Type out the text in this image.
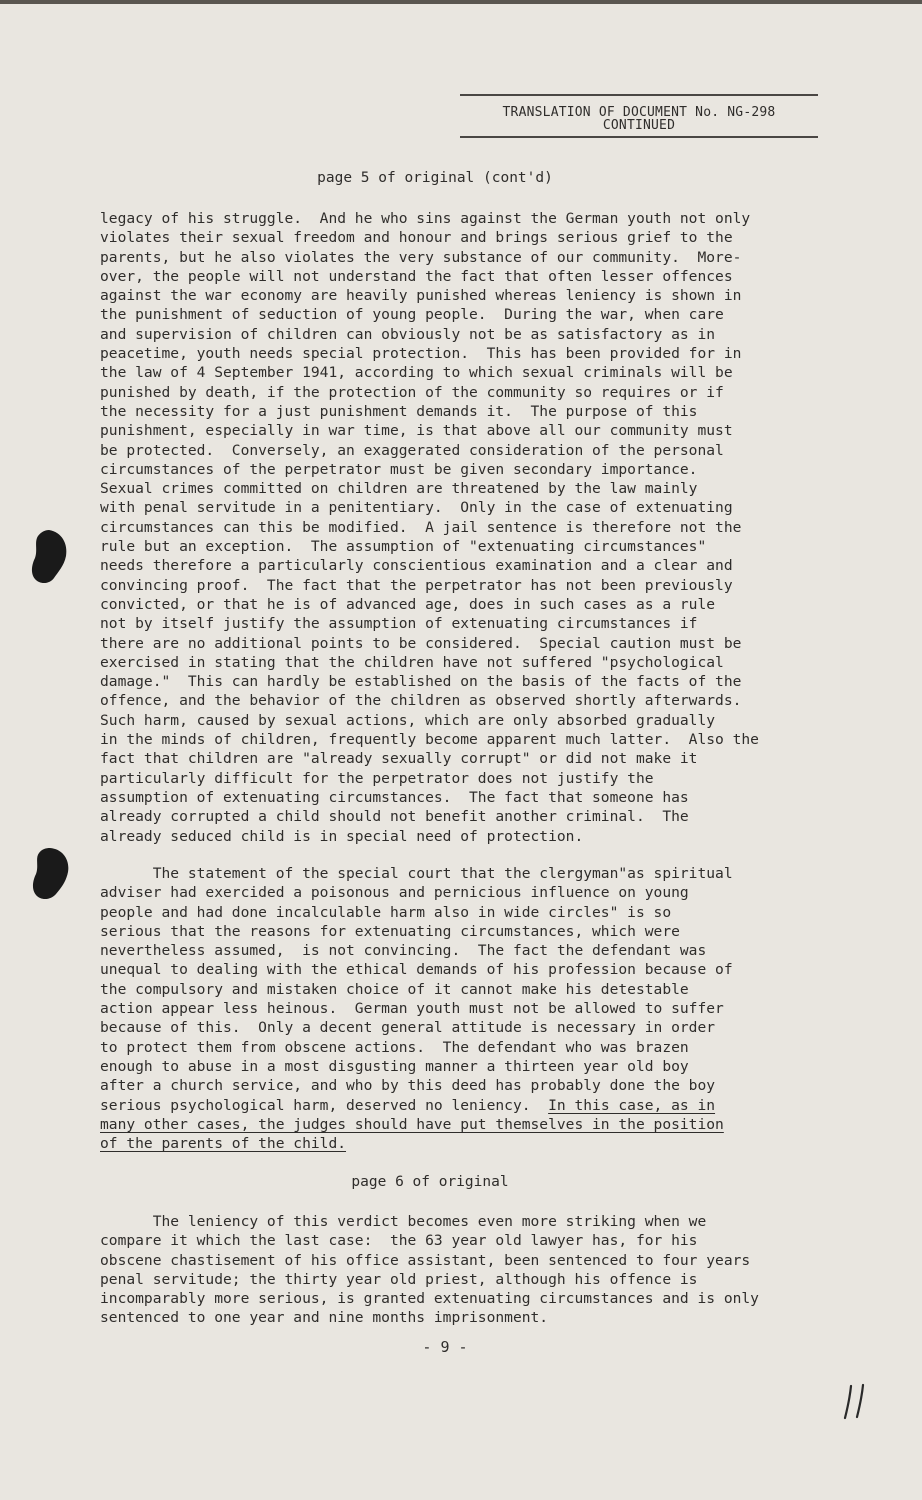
TRANSLATION OF DOCUMENT No. NG-298
CONTINUED
page 5 of original (cont'd)
legacy of his struggle.  And he who sins against the German youth not only
violates their sexual freedom and honour and brings serious grief to the
parents, but he also violates the very substance of our community.  More-
over, the people will not understand the fact that often lesser offences
against the war economy are heavily punished whereas leniency is shown in
the punishment of seduction of young people.  During the war, when care
and supervision of children can obviously not be as satisfactory as in
peacetime, youth needs special protection.  This has been provided for in
the law of 4 September 1941, according to which sexual criminals will be
punished by death, if the protection of the community so requires or if
the necessity for a just punishment demands it.  The purpose of this
punishment, especially in war time, is that above all our community must
be protected.  Conversely, an exaggerated consideration of the personal
circumstances of the perpetrator must be given secondary importance.
Sexual crimes committed on children are threatened by the law mainly
with penal servitude in a penitentiary.  Only in the case of extenuating
circumstances can this be modified.  A jail sentence is therefore not the
rule but an exception.  The assumption of "extenuating circumstances"
needs therefore a particularly conscientious examination and a clear and
convincing proof.  The fact that the perpetrator has not been previously
convicted, or that he is of advanced age, does in such cases as a rule
not by itself justify the assumption of extenuating circumstances if
there are no additional points to be considered.  Special caution must be
exercised in stating that the children have not suffered "psychological
damage."  This can hardly be established on the basis of the facts of the
offence, and the behavior of the children as observed shortly afterwards.
Such harm, caused by sexual actions, which are only absorbed gradually
in the minds of children, frequently become apparent much latter.  Also the
fact that children are "already sexually corrupt" or did not make it
particularly difficult for the perpetrator does not justify the
assumption of extenuating circumstances.  The fact that someone has
already corrupted a child should not benefit another criminal.  The
already seduced child is in special need of protection.
The statement of the special court that the clergyman"as spiritual
adviser had exercided a poisonous and pernicious influence on young
people and had done incalculable harm also in wide circles" is so
serious that the reasons for extenuating circumstances, which were
nevertheless assumed,  is not convincing.  The fact the defendant was
unequal to dealing with the ethical demands of his profession because of
the compulsory and mistaken choice of it cannot make his detestable
action appear less heinous.  German youth must not be allowed to suffer
because of this.  Only a decent general attitude is necessary in order
to protect them from obscene actions.  The defendant who was brazen
enough to abuse in a most disgusting manner a thirteen year old boy
after a church service, and who by this deed has probably done the boy
serious psychological harm, deserved no leniency. In this case, as in
many other cases, the judges should have put themselves in the position
of the parents of the child.
page 6 of original
The leniency of this verdict becomes even more striking when we
compare it which the last case:  the 63 year old lawyer has, for his
obscene chastisement of his office assistant, been sentenced to four years
penal servitude; the thirty year old priest, although his offence is
incomparably more serious, is granted extenuating circumstances and is only
sentenced to one year and nine months imprisonment.
- 9 -
